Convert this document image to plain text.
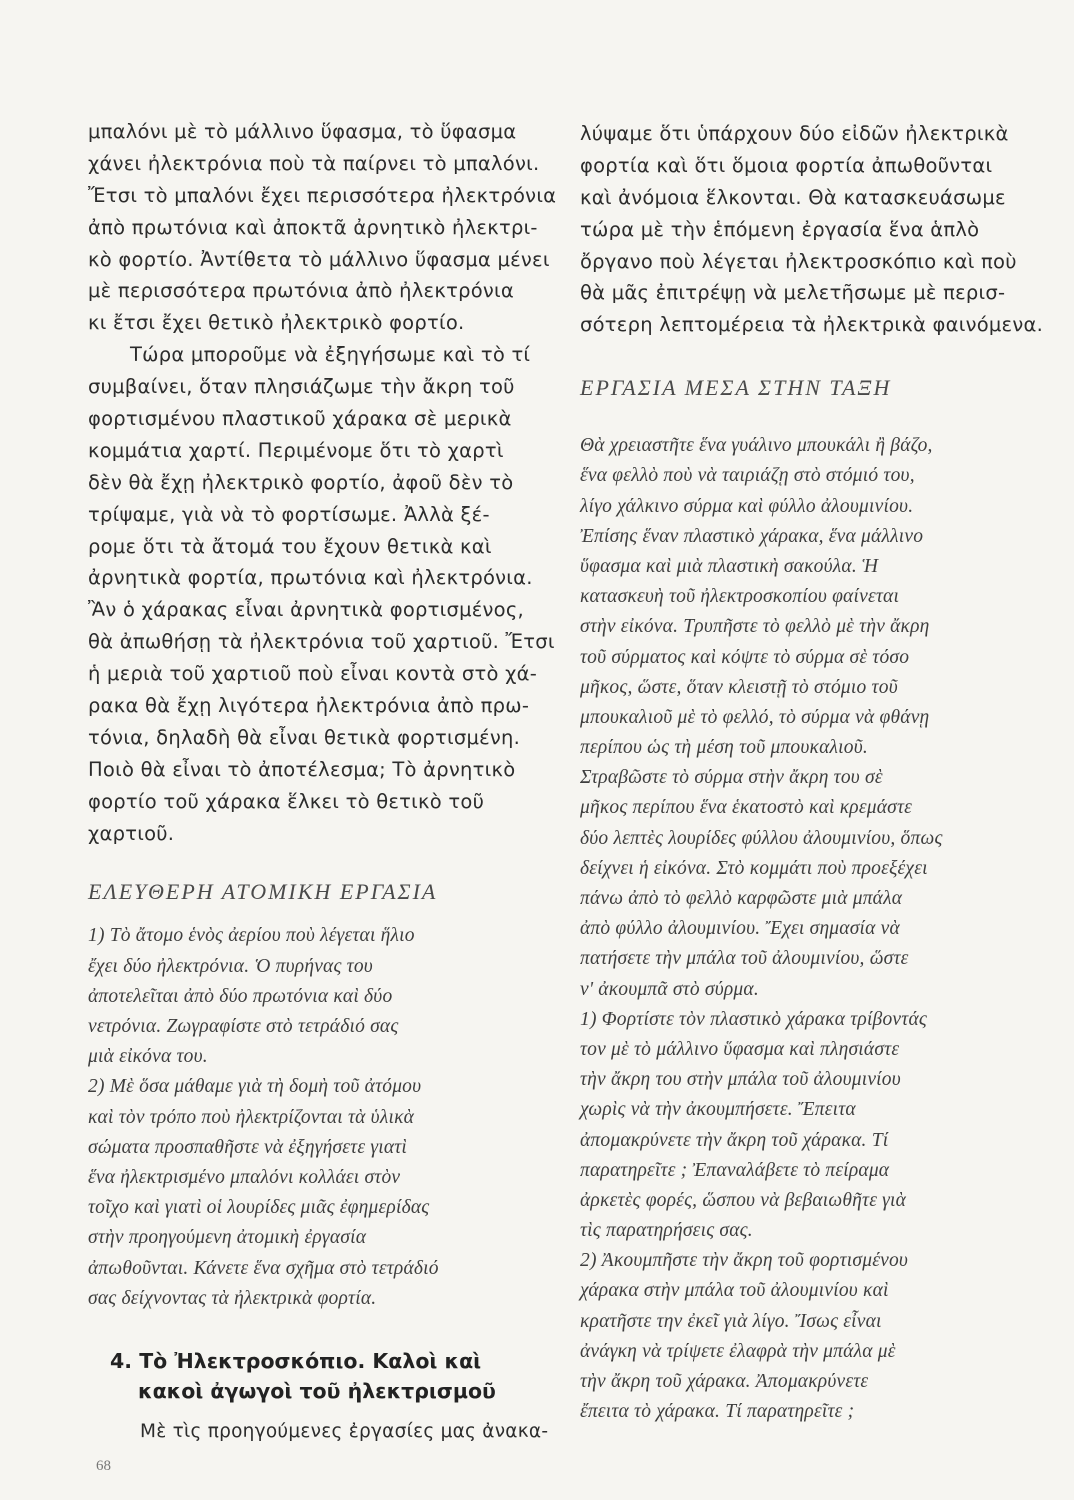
μπαλόνι μὲ τὸ μάλλινο ὕφασμα, τὸ ὕφασμα
χάνει ἠλεκτρόνια ποὺ τὰ παίρνει τὸ μπαλόνι.
Ἔτσι τὸ μπαλόνι ἔχει περισσότερα ἠλεκτρόνια
ἀπὸ πρωτόνια καὶ ἀποκτᾶ ἀρνητικὸ ἠλεκτρι-
κὸ φορτίο. Ἀντίθετα τὸ μάλλινο ὕφασμα μένει
μὲ περισσότερα πρωτόνια ἀπὸ ἠλεκτρόνια
κι ἔτσι ἔχει θετικὸ ἠλεκτρικὸ φορτίο.
Τώρα μποροῦμε νὰ ἐξηγήσωμε καὶ τὸ τί
συμβαίνει, ὅταν πλησιάζωμε τὴν ἄκρη τοῦ
φορτισμένου πλαστικοῦ χάρακα σὲ μερικὰ
κομμάτια χαρτί. Περιμένομε ὅτι τὸ χαρτὶ
δὲν θὰ ἔχῃ ἠλεκτρικὸ φορτίο, ἀφοῦ δὲν τὸ
τρίψαμε, γιὰ νὰ τὸ φορτίσωμε. Ἀλλὰ ξέ-
ρομε ὅτι τὰ ἄτομά του ἔχουν θετικὰ καὶ
ἀρνητικὰ φορτία, πρωτόνια καὶ ἠλεκτρόνια.
Ἂν ὁ χάρακας εἶναι ἀρνητικὰ φορτισμένος,
θὰ ἀπωθήσῃ τὰ ἠλεκτρόνια τοῦ χαρτιοῦ. Ἔτσι
ἡ μεριὰ τοῦ χαρτιοῦ ποὺ εἶναι κοντὰ στὸ χά-
ρακα θὰ ἔχῃ λιγότερα ἠλεκτρόνια ἀπὸ πρω-
τόνια, δηλαδὴ θὰ εἶναι θετικὰ φορτισμένη.
Ποιὸ θὰ εἶναι τὸ ἀποτέλεσμα; Τὸ ἀρνητικὸ
φορτίο τοῦ χάρακα ἕλκει τὸ θετικὸ τοῦ
χαρτιοῦ.
ΕΛΕΥΘΕΡΗ ΑΤΟΜΙΚΗ ΕΡΓΑΣΙΑ
1) Τὸ ἄτομο ἑνὸς ἀερίου ποὺ λέγεται ἥλιο
ἔχει δύο ἠλεκτρόνια. Ὁ πυρήνας του
ἀποτελεῖται ἀπὸ δύο πρωτόνια καὶ δύο
νετρόνια. Ζωγραφίστε στὸ τετράδιό σας
μιὰ εἰκόνα του.
2) Μὲ ὅσα μάθαμε γιὰ τὴ δομὴ τοῦ ἀτόμου
καὶ τὸν τρόπο ποὺ ἠλεκτρίζονται τὰ ὑλικὰ
σώματα προσπαθῆστε νὰ ἐξηγήσετε γιατὶ
ἕνα ἠλεκτρισμένο μπαλόνι κολλάει στὸν
τοῖχο καὶ γιατὶ οἱ λουρίδες μιᾶς ἐφημερίδας
στὴν προηγούμενη ἀτομικὴ ἐργασία
ἀπωθοῦνται. Κάνετε ἕνα σχῆμα στὸ τετράδιό
σας δείχνοντας τὰ ἠλεκτρικὰ φορτία.
4. Τὸ Ἠλεκτροσκόπιο. Καλοὶ καὶ
κακοὶ ἀγωγοὶ τοῦ ἠλεκτρισμοῦ
Μὲ τὶς προηγούμενες ἐργασίες μας ἀνακα-
λύψαμε ὅτι ὑπάρχουν δύο εἰδῶν ἠλεκτρικὰ
φορτία καὶ ὅτι ὅμοια φορτία ἀπωθοῦνται
καὶ ἀνόμοια ἕλκονται. Θὰ κατασκευάσωμε
τώρα μὲ τὴν ἑπόμενη ἐργασία ἕνα ἁπλὸ
ὄργανο ποὺ λέγεται ἠλεκτροσκόπιο καὶ ποὺ
θὰ μᾶς ἐπιτρέψῃ νὰ μελετῆσωμε μὲ περισ-
σότερη λεπτομέρεια τὰ ἠλεκτρικὰ φαινόμενα.
ΕΡΓΑΣΙΑ ΜΕΣΑ ΣΤΗΝ ΤΑΞΗ
Θὰ χρειαστῆτε ἕνα γυάλινο μπουκάλι ἢ βάζο,
ἕνα φελλὸ ποὺ νὰ ταιριάζῃ στὸ στόμιό του,
λίγο χάλκινο σύρμα καὶ φύλλο ἀλουμινίου.
Ἐπίσης ἕναν πλαστικὸ χάρακα, ἕνα μάλλινο
ὕφασμα καὶ μιὰ πλαστικὴ σακούλα. Ἡ
κατασκευὴ τοῦ ἠλεκτροσκοπίου φαίνεται
στὴν εἰκόνα. Τρυπῆστε τὸ φελλὸ μὲ τὴν ἄκρη
τοῦ σύρματος καὶ κόψτε τὸ σύρμα σὲ τόσο
μῆκος, ὥστε, ὅταν κλειστῇ τὸ στόμιο τοῦ
μπουκαλιοῦ μὲ τὸ φελλό, τὸ σύρμα νὰ φθάνῃ
περίπου ὡς τὴ μέση τοῦ μπουκαλιοῦ.
Στραβῶστε τὸ σύρμα στὴν ἄκρη του σὲ
μῆκος περίπου ἕνα ἑκατοστὸ καὶ κρεμάστε
δύο λεπτὲς λουρίδες φύλλου ἀλουμινίου, ὅπως
δείχνει ἡ εἰκόνα. Στὸ κομμάτι ποὺ προεξέχει
πάνω ἀπὸ τὸ φελλὸ καρφῶστε μιὰ μπάλα
ἀπὸ φύλλο ἀλουμινίου. Ἔχει σημασία νὰ
πατήσετε τὴν μπάλα τοῦ ἀλουμινίου, ὥστε
ν' ἀκουμπᾶ στὸ σύρμα.
1) Φορτίστε τὸν πλαστικὸ χάρακα τρίβοντάς
τον μὲ τὸ μάλλινο ὕφασμα καὶ πλησιάστε
τὴν ἄκρη του στὴν μπάλα τοῦ ἀλουμινίου
χωρὶς νὰ τὴν ἀκουμπήσετε. Ἔπειτα
ἀπομακρύνετε τὴν ἄκρη τοῦ χάρακα. Τί
παρατηρεῖτε ; Ἐπαναλάβετε τὸ πείραμα
ἀρκετὲς φορές, ὥσπου νὰ βεβαιωθῆτε γιὰ
τὶς παρατηρήσεις σας.
2) Ἀκουμπῆστε τὴν ἄκρη τοῦ φορτισμένου
χάρακα στὴν μπάλα τοῦ ἀλουμινίου καὶ
κρατῆστε την ἐκεῖ γιὰ λίγο. Ἴσως εἶναι
ἀνάγκη νὰ τρίψετε ἐλαφρὰ τὴν μπάλα μὲ
τὴν ἄκρη τοῦ χάρακα. Ἀπομακρύνετε
ἔπειτα τὸ χάρακα. Τί παρατηρεῖτε ;
68
